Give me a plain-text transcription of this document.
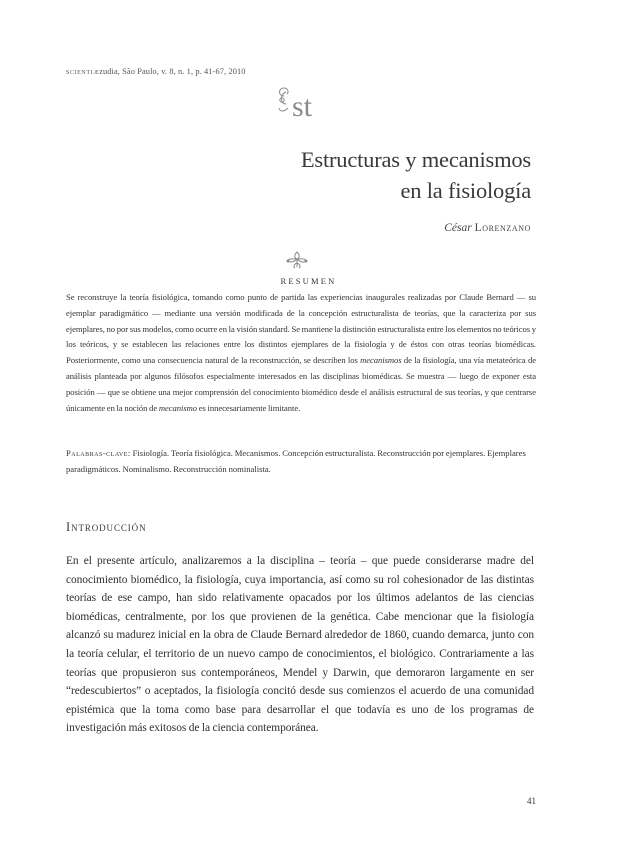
scientiæzudia, São Paulo, v. 8, n. 1, p. 41-67, 2010
st
Estructuras y mecanismos
en la fisiología
César Lorenzano
RESUMEN
Se reconstruye la teoría fisiológica, tomando como punto de partida las experiencias inaugurales realizadas por Claude Bernard — su ejemplar paradigmático — mediante una versión modificada de la concepción estructuralista de teorías, que la caracteriza por sus ejemplares, no por sus modelos, como ocurre en la visión standard. Se mantiene la distinción estructuralista entre los elementos no teóricos y los teóricos, y se establecen las relaciones entre los distintos ejemplares de la fisiología y de éstos con otras teorías biomédicas. Posteriormente, como una consecuencia natural de la reconstrucción, se describen los mecanismos de la fisiología, una vía metateórica de análisis planteada por algunos filósofos especialmente interesados en las disciplinas biomédicas. Se muestra — luego de exponer esta posición — que se obtiene una mejor comprensión del conocimiento biomédico desde el análisis estructural de sus teorías, y que centrarse únicamente en la noción de mecanismo es innecesariamente limitante.
Palabras-clave: Fisiología. Teoría fisiológica. Mecanismos. Concepción estructuralista. Reconstrucción por ejemplares. Ejemplares paradigmáticos. Nominalismo. Reconstrucción nominalista.
Introducción
En el presente artículo, analizaremos a la disciplina – teoría – que puede considerarse madre del conocimiento biomédico, la fisiología, cuya importancia, así como su rol cohesionador de las distintas teorías de ese campo, han sido relativamente opacados por los últimos adelantos de las ciencias biomédicas, centralmente, por los que provienen de la genética. Cabe mencionar que la fisiología alcanzó su madurez inicial en la obra de Claude Bernard alrededor de 1860, cuando demarca, junto con la teoría celular, el territorio de un nuevo campo de conocimientos, el biológico. Contrariamente a las teorías que propusieron sus contemporáneos, Mendel y Darwin, que demoraron largamente en ser “redescubiertos” o aceptados, la fisiología concitó desde sus comienzos el acuerdo de una comunidad epistémica que la toma como base para desarrollar el que todavía es uno de los programas de investigación más exitosos de la ciencia contemporánea.
41
